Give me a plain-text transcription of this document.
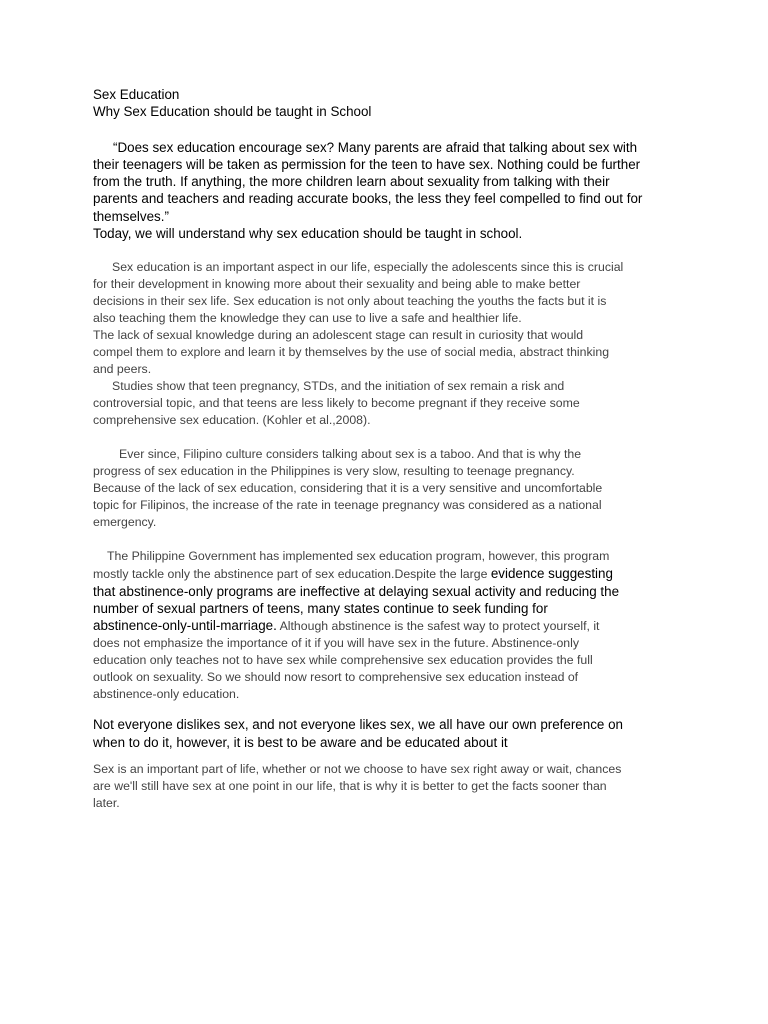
Sex Education

Why Sex Education should be taught in School

“Does sex education encourage sex? Many parents are afraid that talking about sex with

their teenagers will be taken as permission for the teen to have sex. Nothing could be further

from the truth. If anything, the more children learn about sexuality from talking with their

parents and teachers and reading accurate books, the less they feel compelled to find out for

themselves.”

Today, we will understand why sex education should be taught in school.

Sex education is an important aspect in our life, especially the adolescents since this is crucial

for their development in knowing more about their sexuality and being able to make better

decisions in their sex life. Sex education is not only about teaching the youths the facts but it is

also teaching them the knowledge they can use to live a safe and healthier life.

The lack of sexual knowledge during an adolescent stage can result in curiosity that would

compel them to explore and learn it by themselves by the use of social media, abstract thinking

and peers.

Studies show that teen pregnancy, STDs, and the initiation of sex remain a risk and

controversial topic, and that teens are less likely to become pregnant if they receive some

comprehensive sex education. (Kohler et al.,2008).

Ever since, Filipino culture considers talking about sex is a taboo. And that is why the

progress of sex education in the Philippines is very slow, resulting to teenage pregnancy.

Because of the lack of sex education, considering that it is a very sensitive and uncomfortable

topic for Filipinos, the increase of the rate in teenage pregnancy was considered as a national

emergency.

The Philippine Government has implemented sex education program, however, this program

mostly tackle only the abstinence part of sex education.Despite the large evidence suggesting

that abstinence-only programs are ineffective at delaying sexual activity and reducing the

number of sexual partners of teens, many states continue to seek funding for

abstinence-only-until-marriage. Although abstinence is the safest way to protect yourself, it

does not emphasize the importance of it if you will have sex in the future. Abstinence-only

education only teaches not to have sex while comprehensive sex education provides the full

outlook on sexuality. So we should now resort to comprehensive sex education instead of

abstinence-only education.

Not everyone dislikes sex, and not everyone likes sex, we all have our own preference on

when to do it, however, it is best to be aware and be educated about it

Sex is an important part of life, whether or not we choose to have sex right away or wait, chances

are we'll still have sex at one point in our life, that is why it is better to get the facts sooner than

later.
